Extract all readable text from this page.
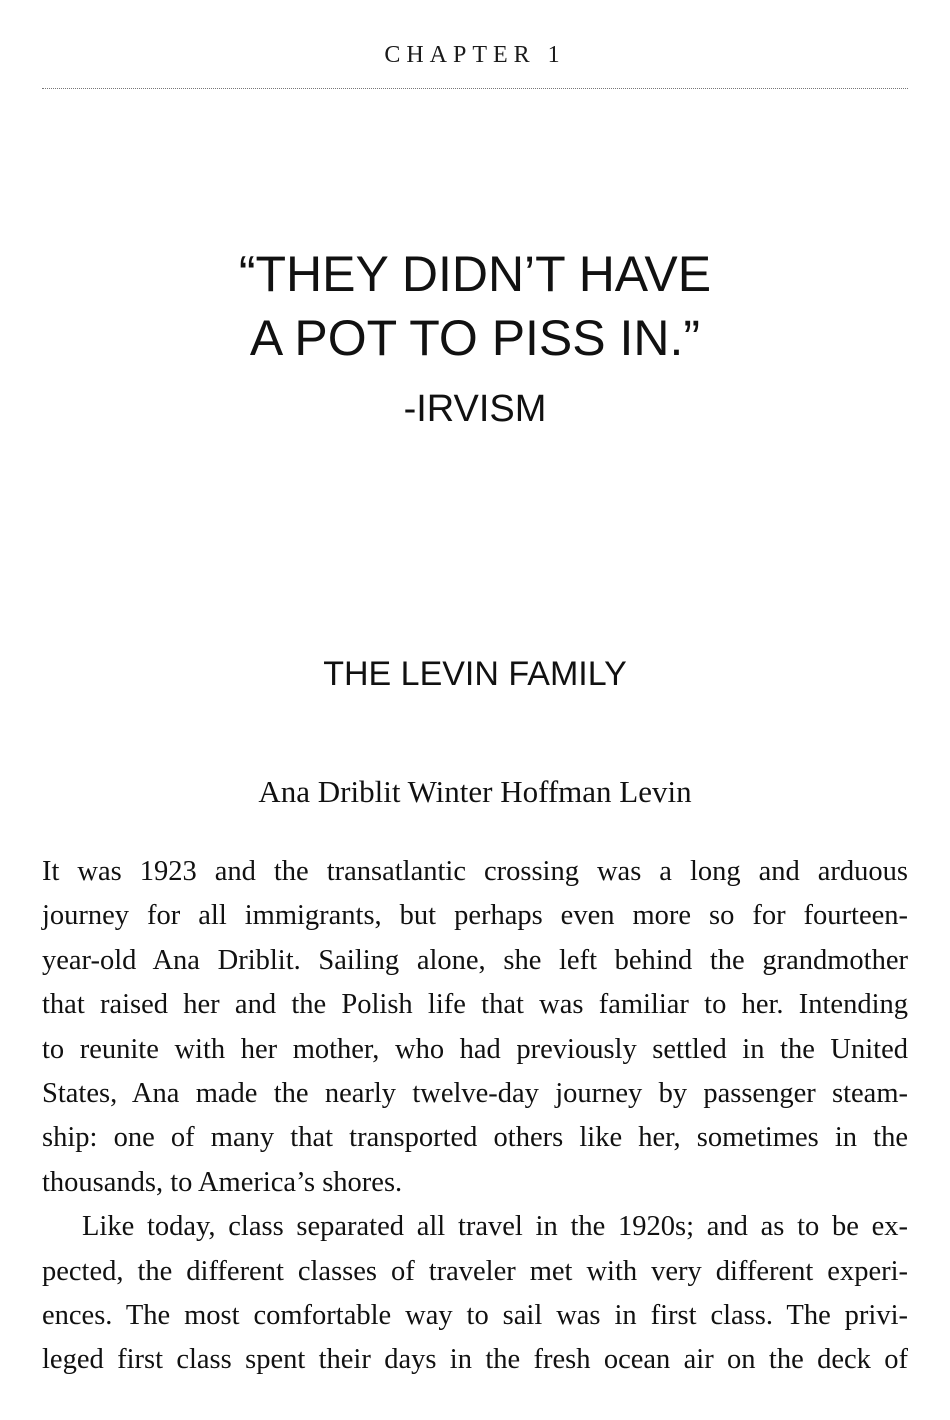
CHAPTER 1
“THEY DIDN’T HAVE
A POT TO PISS IN.”
-IRVISM
THE LEVIN FAMILY
Ana Driblit Winter Hoffman Levin
It was 1923 and the transatlantic crossing was a long and arduous
journey for all immigrants, but perhaps even more so for fourteen-
year-old Ana Driblit. Sailing alone, she left behind the grandmother
that raised her and the Polish life that was familiar to her. Intending
to reunite with her mother, who had previously settled in the United
States, Ana made the nearly twelve-day journey by passenger steam-
ship: one of many that transported others like her, sometimes in the
thousands, to America’s shores.
Like today, class separated all travel in the 1920s; and as to be ex-
pected, the different classes of traveler met with very different experi-
ences. The most comfortable way to sail was in first class. The privi-
leged first class spent their days in the fresh ocean air on the deck of
